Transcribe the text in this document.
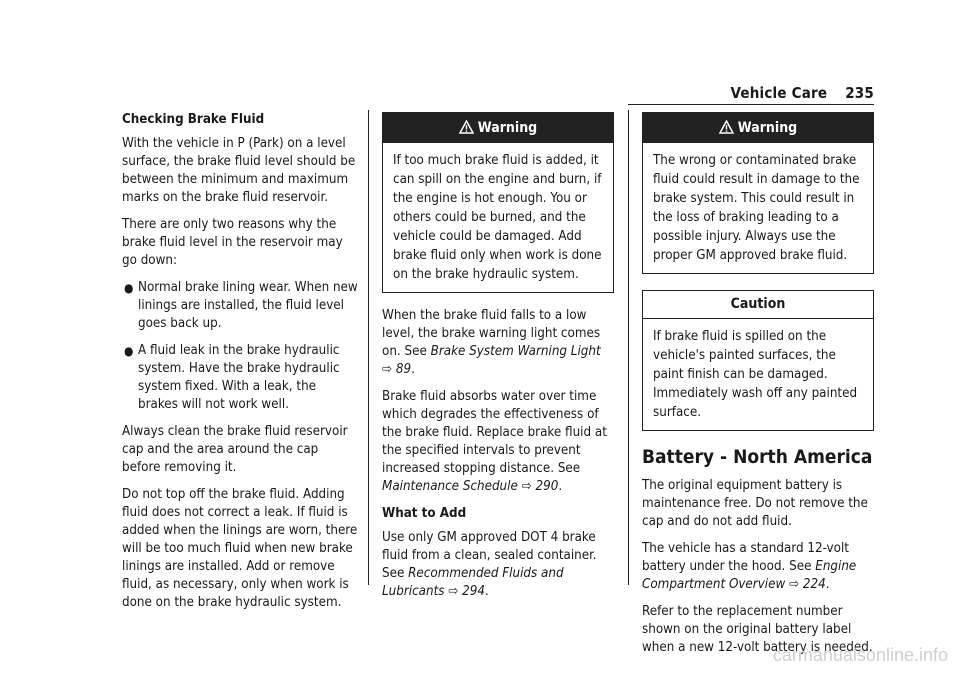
Vehicle Care 235

Checking Brake Fluid

With the vehicle in P (Park) on a level surface, the brake fluid level should be between the minimum and maximum marks on the brake fluid reservoir.

There are only two reasons why the brake fluid level in the reservoir may go down:

● Normal brake lining wear. When new linings are installed, the fluid level goes back up.
● A fluid leak in the brake hydraulic system. Have the brake hydraulic system fixed. With a leak, the brakes will not work well.

Always clean the brake fluid reservoir cap and the area around the cap before removing it.

Do not top off the brake fluid. Adding fluid does not correct a leak. If fluid is added when the linings are worn, there will be too much fluid when new brake linings are installed. Add or remove fluid, as necessary, only when work is done on the brake hydraulic system.

Warning
If too much brake fluid is added, it can spill on the engine and burn, if the engine is hot enough. You or others could be burned, and the vehicle could be damaged. Add brake fluid only when work is done on the brake hydraulic system.

When the brake fluid falls to a low level, the brake warning light comes on. See Brake System Warning Light ⇨ 89.

Brake fluid absorbs water over time which degrades the effectiveness of the brake fluid. Replace brake fluid at the specified intervals to prevent increased stopping distance. See Maintenance Schedule ⇨ 290.

What to Add

Use only GM approved DOT 4 brake fluid from a clean, sealed container. See Recommended Fluids and Lubricants ⇨ 294.

Warning
The wrong or contaminated brake fluid could result in damage to the brake system. This could result in the loss of braking leading to a possible injury. Always use the proper GM approved brake fluid.
Caution
If brake fluid is spilled on the vehicle's painted surfaces, the paint finish can be damaged. Immediately wash off any painted surface.
Battery - North America

The original equipment battery is maintenance free. Do not remove the cap and do not add fluid.

The vehicle has a standard 12-volt battery under the hood. See Engine Compartment Overview ⇨ 224.

Refer to the replacement number shown on the original battery label when a new 12-volt battery is needed.

carmanualsonline.info
